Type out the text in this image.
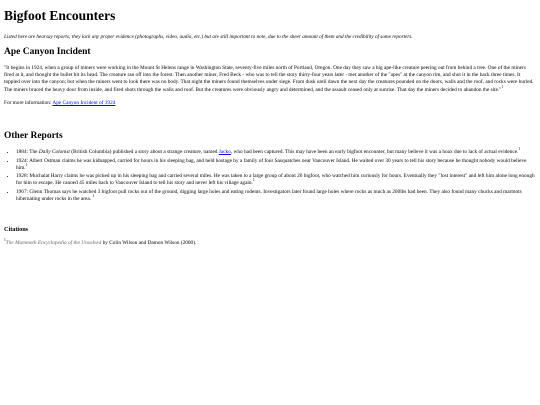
Bigfoot Encounters

Listed here are hearsay reports; they lack any proper evidence (photographs, video, audio, etc.) but are still important to note, due to the sheer amount of them and the credibility of some reporters.

Ape Canyon Incident

"It begins in 1924, when a group of miners were working in the Mount St Helens range in Washington State, seventy-five miles north of Portland, Oregon. One day they saw a big ape-like creature peering out from behind a tree. One of the miners fired at it, and thought the bullet hit its head. The creature ran off into the forest. Then another miner, Fred Beck - who was to tell the story thirty-four years later - met another of the "apes" at the canyon rim, and shot it in the back three times. It toppled over into the canyon; but when the miners went to look there was no body. That night the miners found themselves under siege. From dusk until dawn the next day the creatures pounded on the doors, walls and the roof, and rocks were hurled. The miners braced the heavy door from inside, and fired shots through the walls and roof. But the creatures were obviously angry and determined, and the assault ceased only at sunrise. That day the miners decided to abandon the site."$^1$

For more information: Ape Canyon Incident of 1924

Other Reports
• 1884: The Daily Colonist (British Columbia) published a story about a strange creature, named Jacko, who had been captured. This may have been an early bigfoot encounter, but many believe it was a hoax due to lack of actual evidence.$^1$
• 1924: Albert Ostman claims he was kidnapped, carried for hours in his sleeping bag, and held hostage by a family of four Sasquatches near Vancouver Island. He waited over 30 years to tell his story because he thought nobody would believe him.$^1$
• 1928: Muchalat Harry claims he was picked up in his sleeping bag and carried several miles. He was taken to a large group of about 20 bigfoot, who watched him curiously for hours. Eventually they "lost interest" and left him alone long enough for him to escape. He canoed 45 miles back to Vancouver Island to tell his story and never left his village again.$^1$
• 1967: Glenn Thomas says he watched 3 bigfoot pull rocks out of the ground, digging large holes and eating rodents. Investigators later found large holes where rocks as much as 200lbs had been. They also found many chucks and marmots hibernating under rocks in the area. $^1$
Citations

$^1$The Mammoth Encyclopedia of the Unsolved by Colin Wilson and Damon Wilson (2000).
